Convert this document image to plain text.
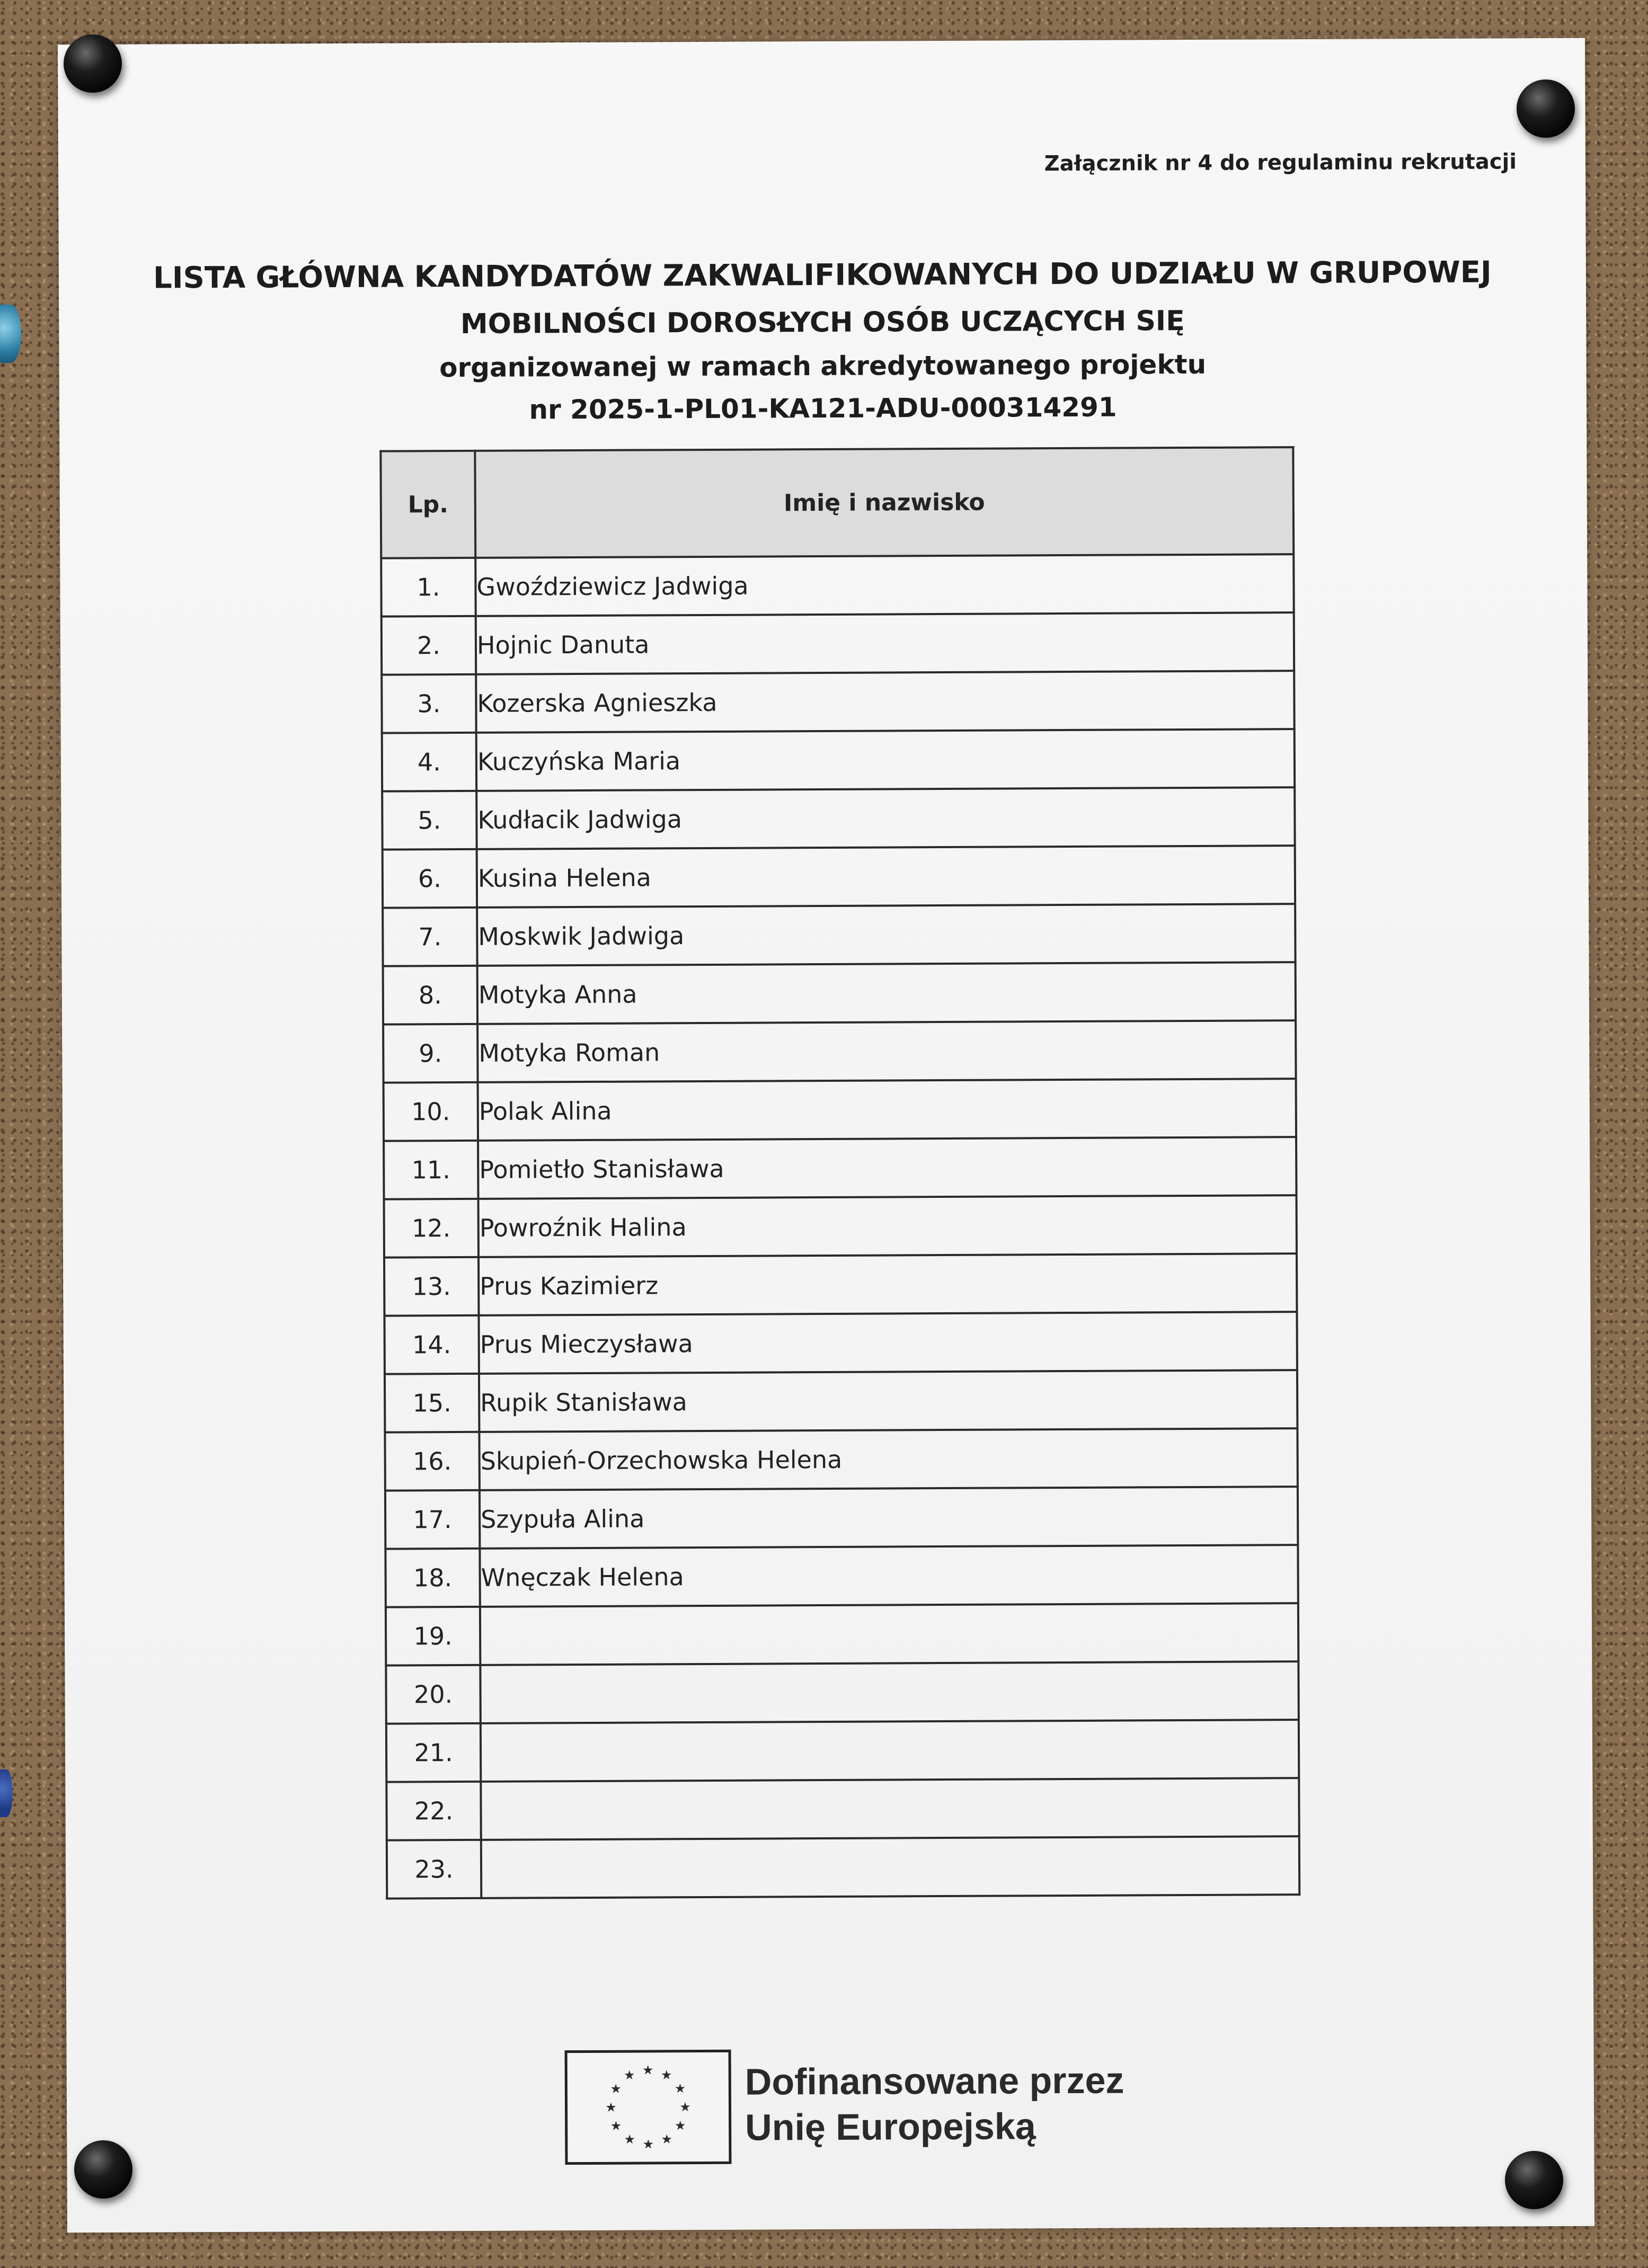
Załącznik nr 4 do regulaminu rekrutacji
LISTA GŁÓWNA KANDYDATÓW ZAKWALIFIKOWANYCH DO UDZIAŁU W GRUPOWEJ
MOBILNOŚCI DOROSŁYCH OSÓB UCZĄCYCH SIĘ
organizowanej w ramach akredytowanego projektu
nr 2025-1-PL01-KA121-ADU-000314291
Lp.	Imię i nazwisko
1.	Gwoździewicz Jadwiga
2.	Hojnic Danuta
3.	Kozerska Agnieszka
4.	Kuczyńska Maria
5.	Kudłacik Jadwiga
6.	Kusina Helena
7.	Moskwik Jadwiga
8.	Motyka Anna
9.	Motyka Roman
10.	Polak Alina
11.	Pomietło Stanisława
12.	Powroźnik Halina
13.	Prus Kazimierz
14.	Prus Mieczysława
15.	Rupik Stanisława
16.	Skupień-Orzechowska Helena
17.	Szypuła Alina
18.	Wnęczak Helena
19.	
20.	
21.	
22.	
23.	
★ ★
★
★
★
★
★
★
★
★
★
★	Dofinansowane przez
Unię Europejską
